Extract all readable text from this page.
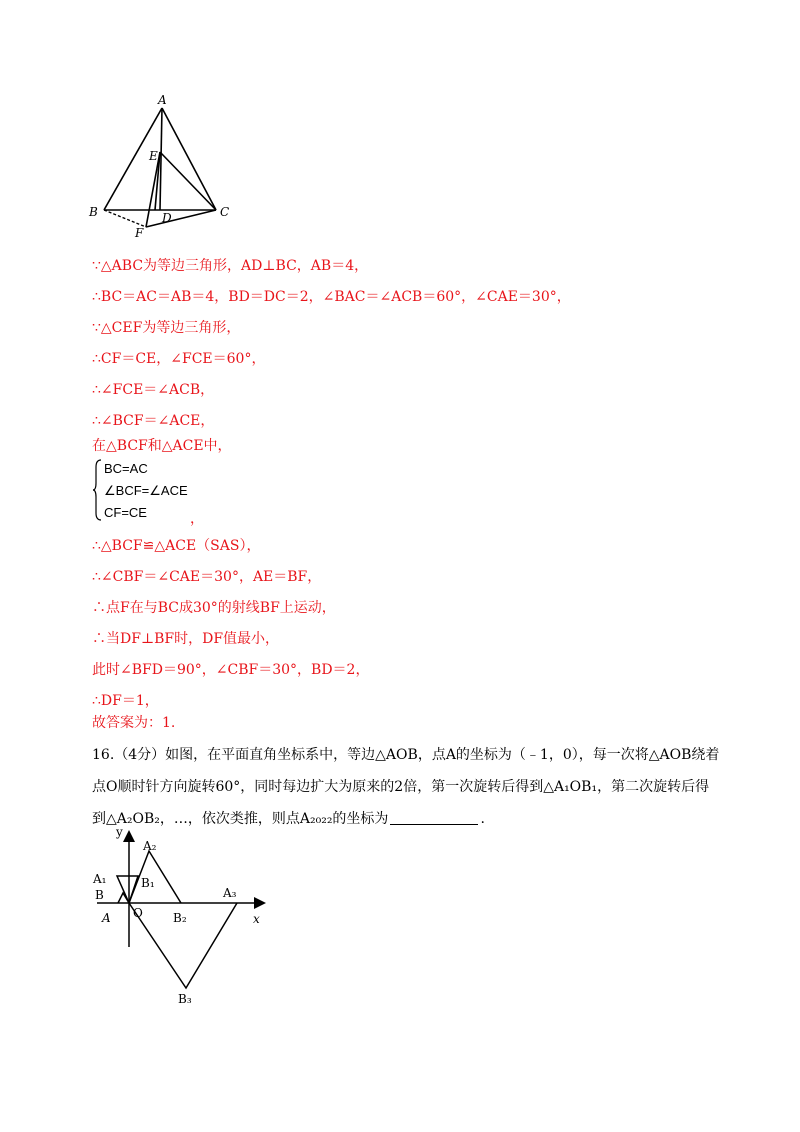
A
E
B	D	C
F
∵△ABC为等边三角形，AD⊥BC，AB＝4，
∴BC＝AC＝AB＝4，BD＝DC＝2，∠BAC＝∠ACB＝60°，∠CAE＝30°，
∵△CEF为等边三角形，
∴CF＝CE，∠FCE＝60°，
∴∠FCE＝∠ACB，
∴∠BCF＝∠ACE，
在△BCF和△ACE中，
BC=AC
∠BCF=∠ACE
CF=CE	，
∴△BCF≌△ACE（SAS），
∴∠CBF＝∠CAE＝30°，AE＝BF，
∴点F在与BC成30°的射线BF上运动，
∴当DF⊥BF时，DF值最小，
此时∠BFD＝90°，∠CBF＝30°，BD＝2，
∴DF＝1，
故答案为：1.
16.（4分）如图，在平面直角坐标系中，等边△AOB，点A的坐标为（﹣1，0），每一次将△AOB绕着
点O顺时针方向旋转60°，同时每边扩大为原来的2倍，第一次旋转后得到△A₁OB₁，第二次旋转后得
到△A₂OB₂，…，依次类推，则点A₂₀₂₂的坐标为	.
y
x
A₂
A₁	B₁
B
A O	B₂
A₃
B₃
